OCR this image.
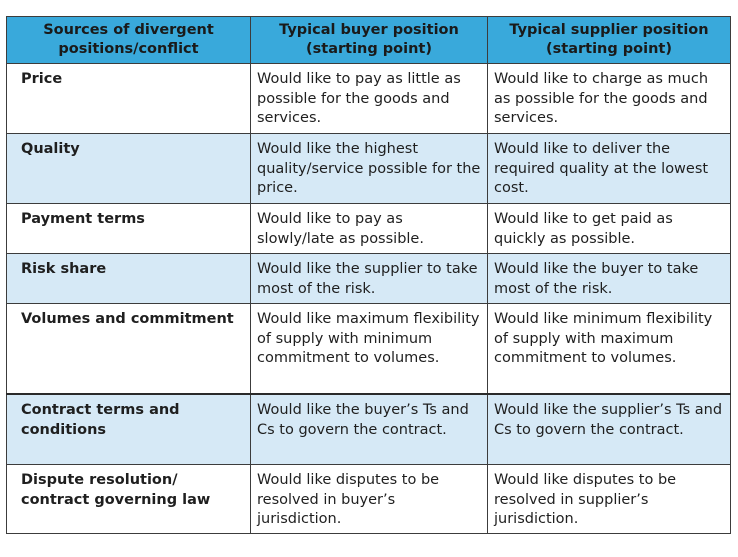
Sources of divergent positions/conflict	Typical buyer position (starting point)	Typical supplier position (starting point)
Price	Would like to pay as little as possible for the goods and services.	Would like to charge as much as possible for the goods and services.
Quality	Would like the highest quality/service possible for the price.	Would like to deliver the required quality at the lowest cost.
Payment terms	Would like to pay as slowly/late as possible.	Would like to get paid as quickly as possible.
Risk share	Would like the supplier to take most of the risk.	Would like the buyer to take most of the risk.
Volumes and commitment	Would like maximum flexibility of supply with minimum commitment to volumes.	Would like minimum flexibility of supply with maximum commitment to volumes.
Contract terms and conditions	Would like the buyer’s Ts and Cs to govern the contract.	Would like the supplier’s Ts and Cs to govern the contract.
Dispute resolution/ contract governing law	Would like disputes to be resolved in buyer’s jurisdiction.	Would like disputes to be resolved in supplier’s jurisdiction.
